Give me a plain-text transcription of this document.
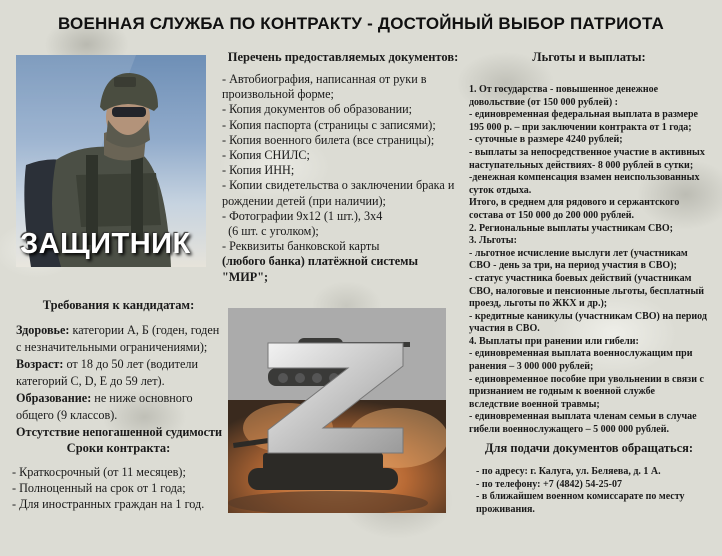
ВОЕННАЯ СЛУЖБА ПО КОНТРАКТУ - ДОСТОЙНЫЙ ВЫБОР ПАТРИОТА
ЗАЩИТНИК
Перечень предоставляемых документов:
- Автобиография, написанная от руки в
произвольной форме;
- Копия документов об образовании;
- Копия паспорта (страницы с записями);
- Копия военного билета (все страницы);
- Копия СНИЛС;
- Копия ИНН;
- Копии свидетельства о заключении брака и
рождении детей (при наличии);
- Фотографии 9х12 (1 шт.), 3х4
(6 шт. с уголком);
- Реквизиты банковской карты
(любого банка) платёжной системы
"МИР";
Требования к кандидатам:
Здоровье: категории А, Б (годен, годен
с незначительными ограничениями);
Возраст: от 18 до 50 лет (водители
категорий C, D, E до 59 лет).
Образование: не ниже основного
общего (9 классов).
Отсутствие непогашенной судимости
Сроки контракта:
- Краткосрочный (от 11 месяцев);
- Полноценный на срок от 1 года;
- Для иностранных граждан на 1 год.
Льготы и выплаты:
1. От государства - повышенное денежное
довольствие (от 150 000 рублей) :
- единовременная федеральная выплата в размере
195 000 р. – при заключении контракта от 1 года;
- суточные в размере 4240 рублей;
- выплаты за непосредственное участие в активных
наступательных действиях- 8 000 рублей в сутки;
-денежная компенсация взамен неиспользованных
суток отдыха.
Итого, в среднем для рядового и сержантского
состава от 150 000 до 200 000 рублей.
2. Региональные выплаты участникам СВО;
3. Льготы:
- льготное исчисление выслуги лет (участникам
СВО - день за три, на период участия в СВО);
- статус участника боевых действий (участникам
СВО, налоговые и пенсионные льготы, бесплатный
проезд, льготы по ЖКХ и др.);
- кредитные каникулы (участникам СВО) на период
участия в СВО.
4. Выплаты при ранении или гибели:
- единовременная выплата военнослужащим при
ранения – 3 000 000 рублей;
- единовременное пособие при увольнении в связи с
признанием не годным к военной службе
вследствие военной травмы;
- единовременная выплата членам семьи в случае
гибели военнослужащего – 5 000 000 рублей.
Для подачи документов обращаться:
- по адресу: г. Калуга, ул. Беляева, д. 1 А.
- по телефону: +7 (4842) 54-25-07
- в ближайшем военном комиссарате по месту
проживания.
